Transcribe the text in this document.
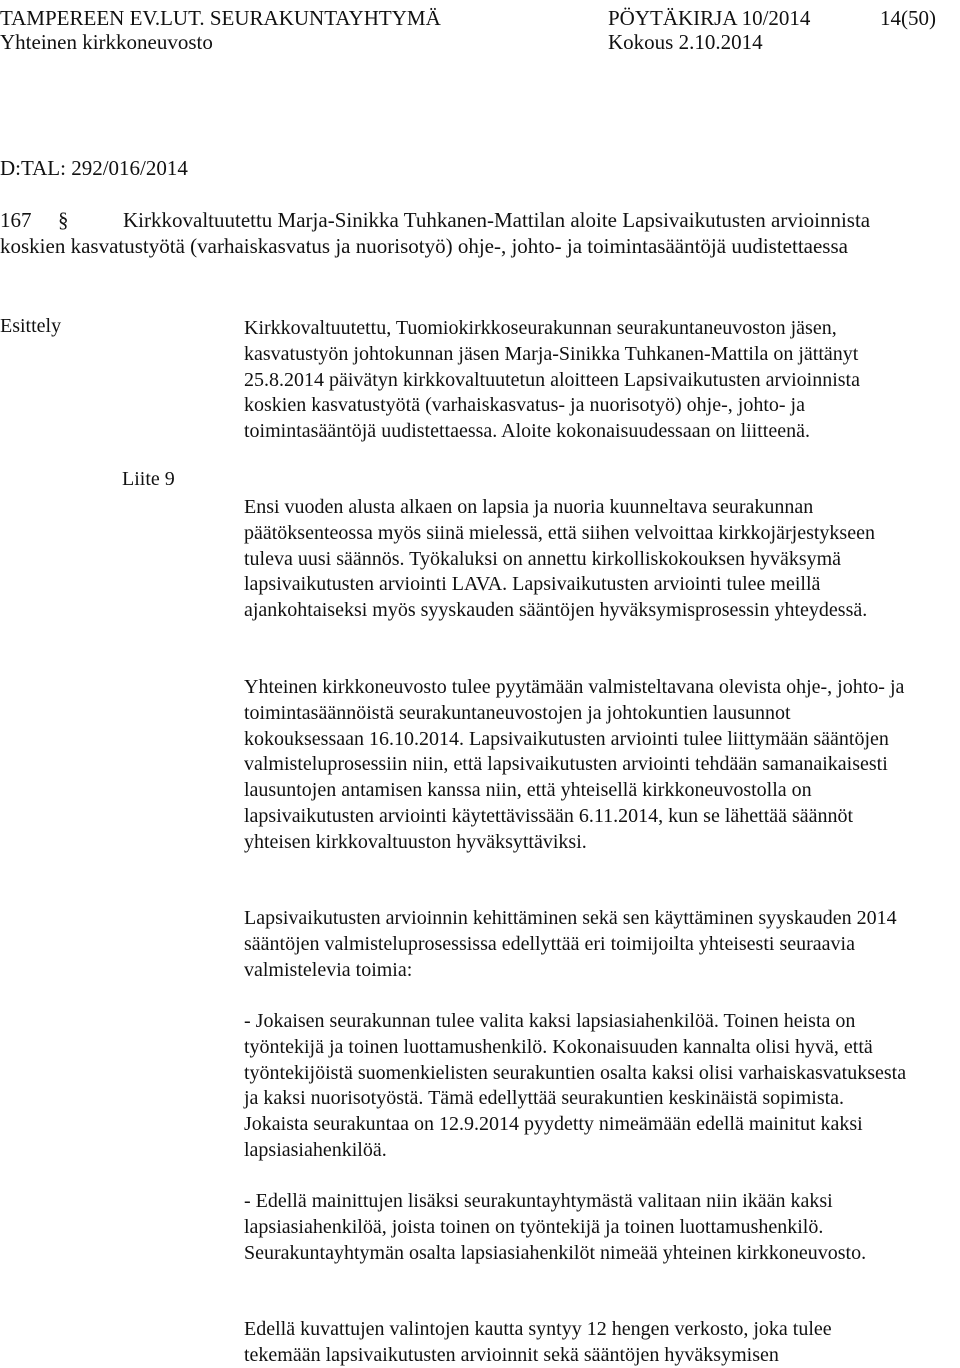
TAMPEREEN EV.LUT. SEURAKUNTAYHTYMÄ	PÖYTÄKIRJA 10/2014	14(50)
Yhteinen kirkkoneuvosto	Kokous 2.10.2014
D:TAL: 292/016/2014
167 §	Kirkkovaltuutettu Marja-Sinikka Tuhkanen-Mattilan aloite Lapsivaikutusten arvioinnista koskien kasvatustyötä (varhaiskasvatus ja nuorisotyö) ohje-, johto- ja toimintasääntöjä uudistettaessa

Esittely
Liite 9

Kirkkovaltuutettu, Tuomiokirkkoseurakunnan seurakuntaneuvoston jäsen, kasvatustyön johtokunnan jäsen Marja-Sinikka Tuhkanen-Mattila on jättänyt 25.8.2014 päivätyn kirkkovaltuutetun aloitteen Lapsivaikutusten arvioinnista koskien kasvatustyötä (varhaiskasvatus- ja nuorisotyö) ohje-, johto- ja toimintasääntöjä uudistettaessa. Aloite kokonaisuudessaan on liitteenä.

Ensi vuoden alusta alkaen on lapsia ja nuoria kuunneltava seurakunnan päätöksenteossa myös siinä mielessä, että siihen velvoittaa kirkkojärjestykseen tuleva uusi säännös. Työkaluksi on annettu kirkolliskokouksen hyväksymä lapsivaikutusten arviointi LAVA. Lapsivaikutusten arviointi tulee meillä ajankohtaiseksi myös syyskauden sääntöjen hyväksymisprosessin yhteydessä.

Yhteinen kirkkoneuvosto tulee pyytämään valmisteltavana olevista ohje-, johto- ja toimintasäännöistä seurakuntaneuvostojen ja johtokuntien lausunnot kokouksessaan 16.10.2014. Lapsivaikutusten arviointi tulee liittymään sääntöjen valmisteluprosessiin niin, että lapsivaikutusten arviointi tehdään samanaikaisesti lausuntojen antamisen kanssa niin, että yhteisellä kirkkoneuvostolla on lapsivaikutusten arviointi käytettävissään 6.11.2014, kun se lähettää säännöt yhteisen kirkkovaltuuston hyväksyttäviksi.

Lapsivaikutusten arvioinnin kehittäminen sekä sen käyttäminen syyskauden 2014 sääntöjen valmisteluprosessissa edellyttää eri toimijoilta yhteisesti seuraavia valmistelevia toimia:

- Jokaisen seurakunnan tulee valita kaksi lapsiasiahenkilöä. Toinen heista on työntekijä ja toinen luottamushenkilö. Kokonaisuuden kannalta olisi hyvä, että työntekijöistä suomenkielisten seurakuntien osalta kaksi olisi varhaiskasvatuksesta ja kaksi nuorisotyöstä. Tämä edellyttää seurakuntien keskinäistä sopimista. Jokaista seurakuntaa on 12.9.2014 pyydetty nimeämään edellä mainitut kaksi lapsiasiahenkilöä.

- Edellä mainittujen lisäksi seurakuntayhtymästä valitaan niin ikään kaksi lapsiasiahenkilöä, joista toinen on työntekijä ja toinen luottamushenkilö. Seurakuntayhtymän osalta lapsiasiahenkilöt nimeää yhteinen kirkkoneuvosto.

Edellä kuvattujen valintojen kautta syntyy 12 hengen verkosto, joka tulee tekemään lapsivaikutusten arvioinnit sekä sääntöjen hyväksymisen
